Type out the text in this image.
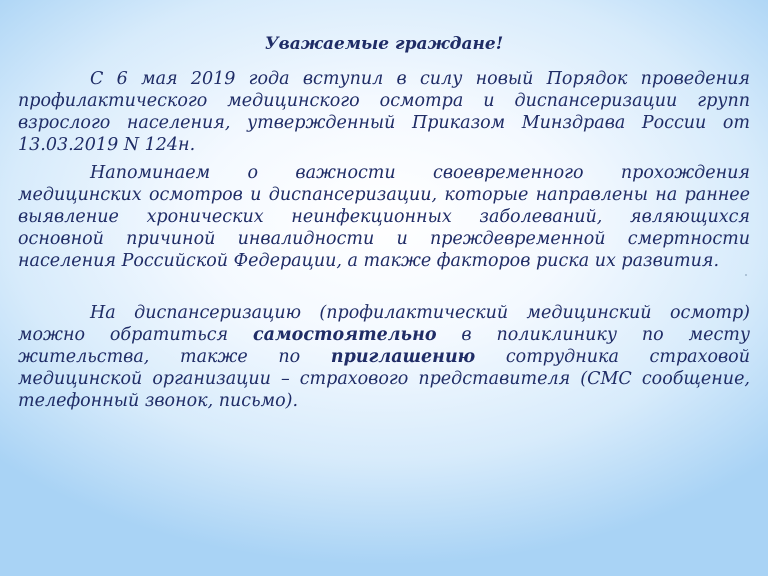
Уважаемые граждане!

С 6 мая 2019 года вступил в силу новый Порядок проведения профилактического медицинского осмотра и диспансеризации групп взрослого населения, утвержденный Приказом Минздрава России от 13.03.2019 N 124н.

Напоминаем о важности своевременного прохождения медицинских осмотров и диспансеризации, которые направлены на раннее выявление хронических неинфекционных заболеваний, являющихся основной причиной инвалидности и преждевременной смертности населения Российской Федерации, а также факторов риска их развития.

На диспансеризацию (профилактический медицинский осмотр) можно обратиться самостоятельно в поликлинику по месту жительства, также по приглашению сотрудника страховой медицинской организации – страхового представителя (СМС сообщение, телефонный звонок, письмо).
